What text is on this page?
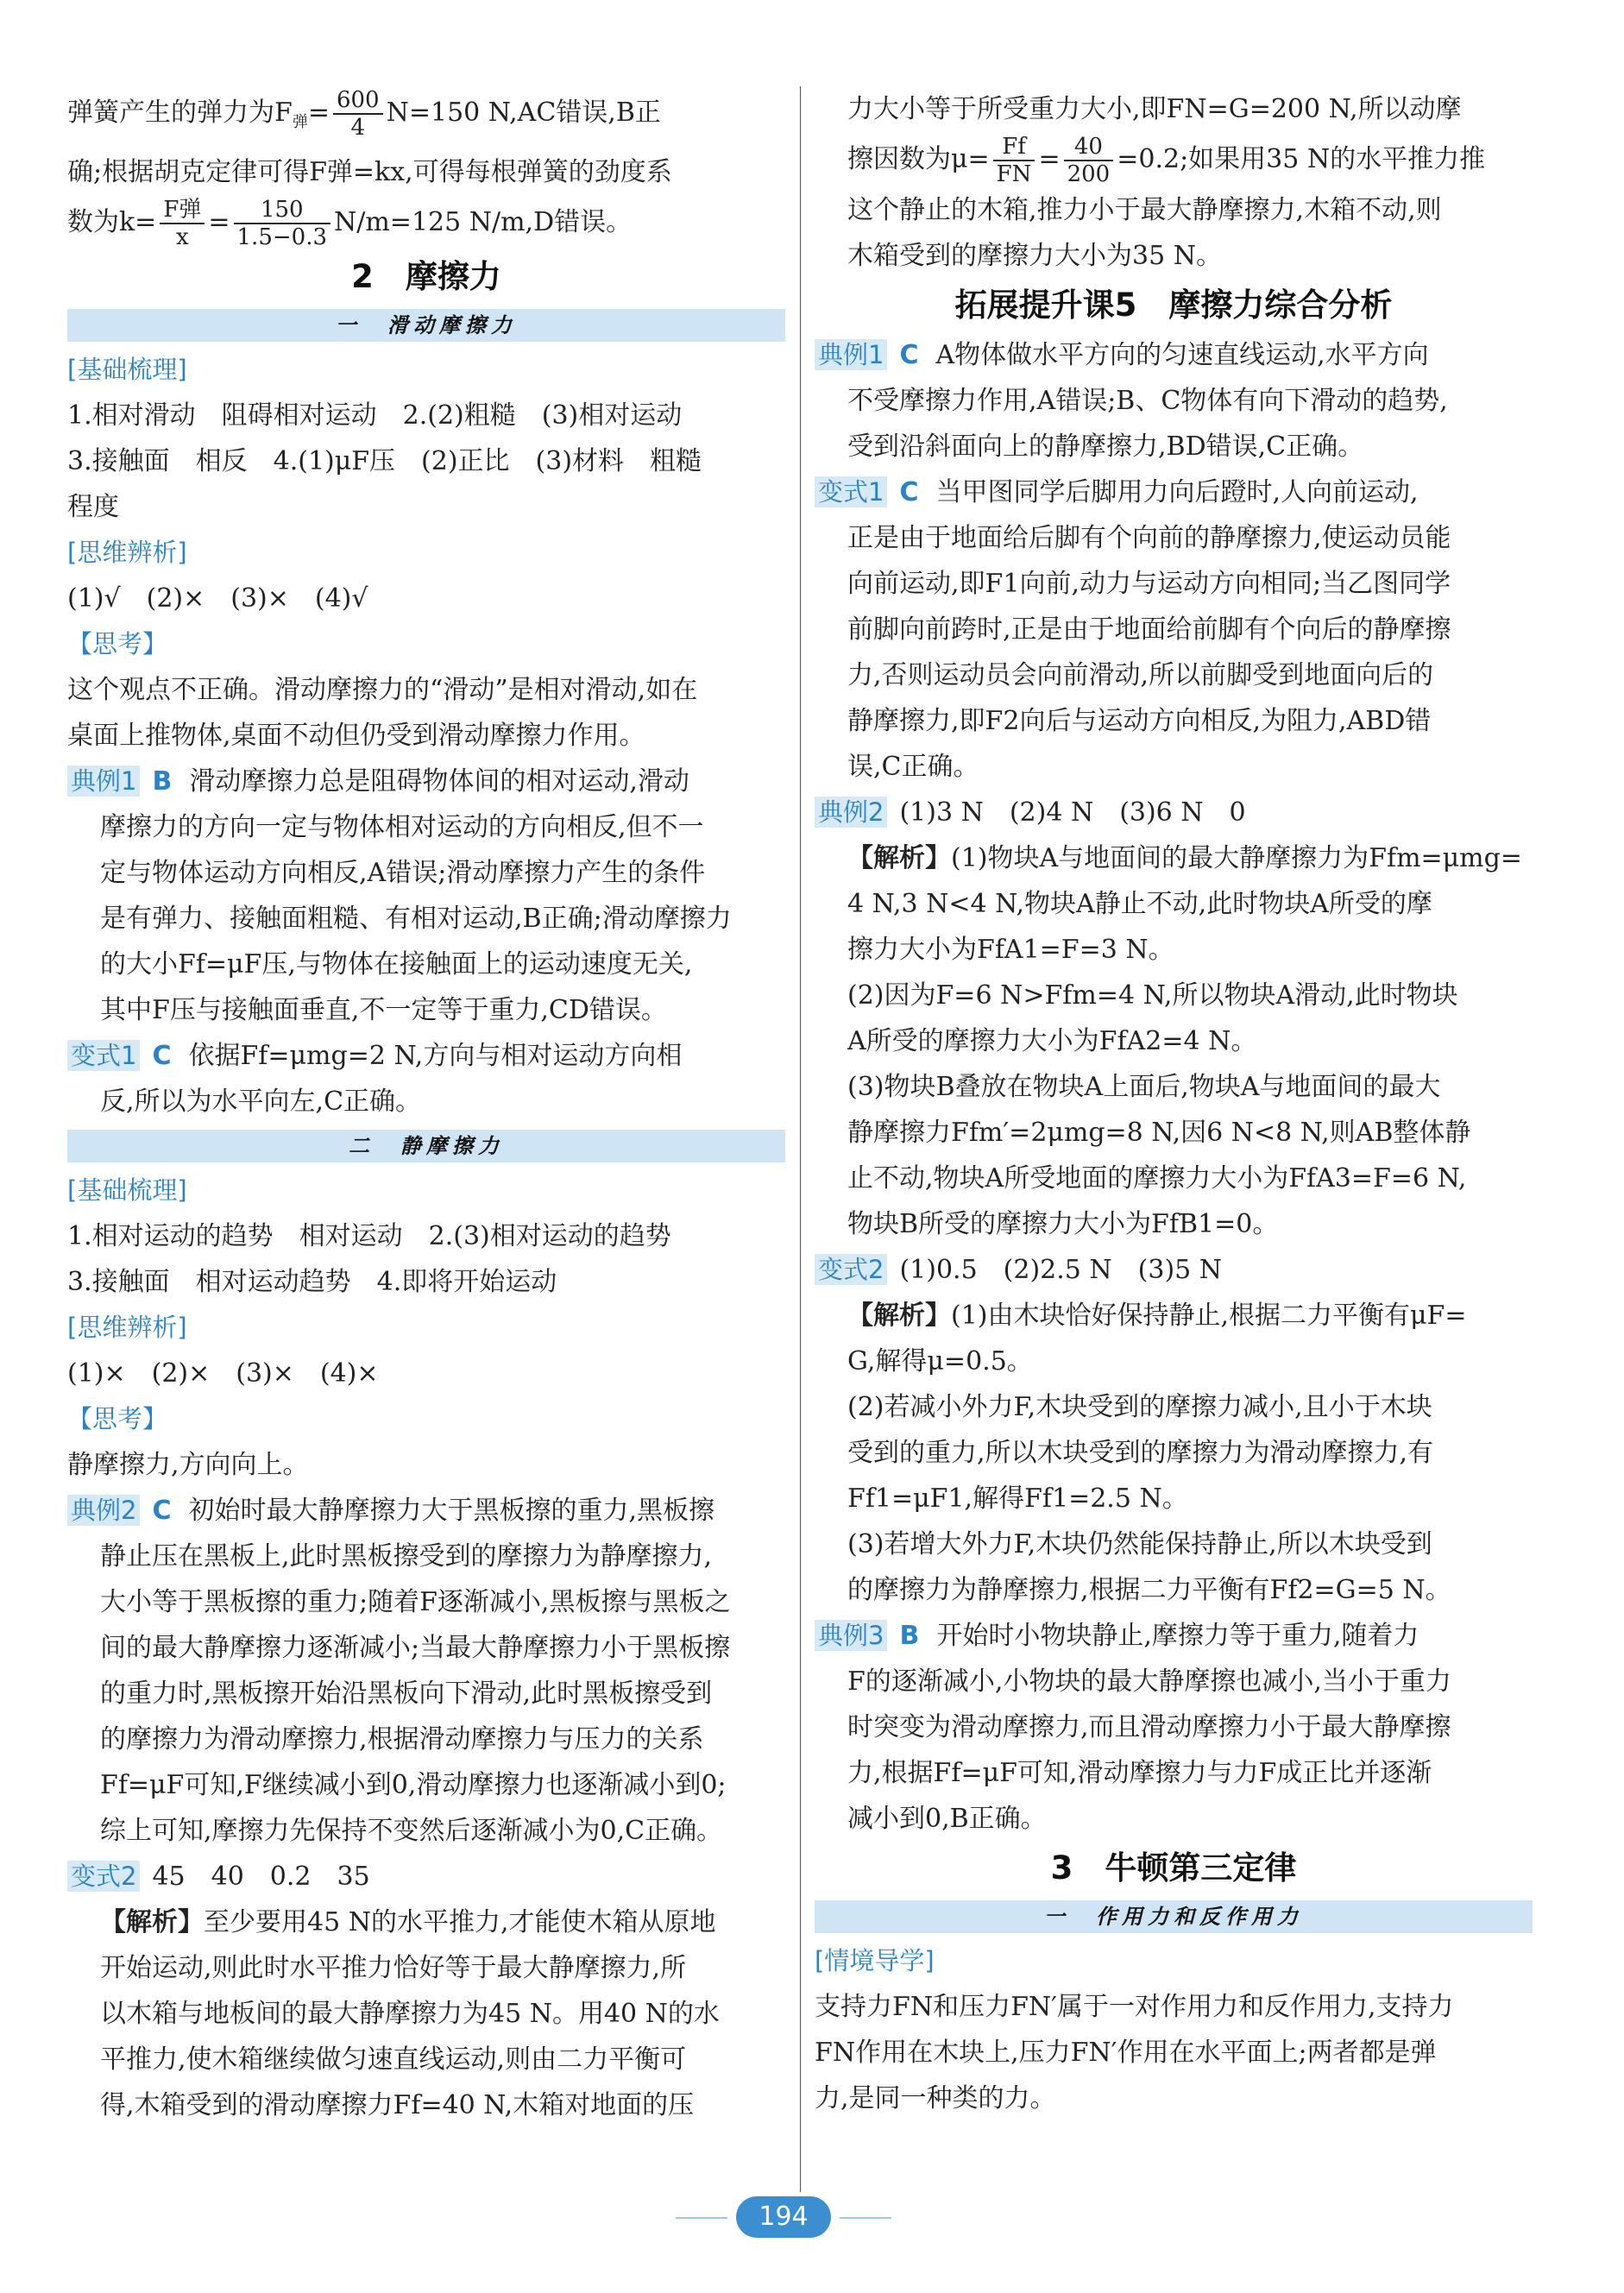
弹簧产生的弹力为$F_弹= \frac{600}{4} N=150$ N,AC错误,B正

确;根据胡克定律可得F弹=kx,可得每根弹簧的劲度系

数为$k= \frac{\text{F弹}}{x} = \frac{150}{1.5-0.3} N/m=125$ N/m,D错误。

2　摩擦力

一　滑动摩擦力

[基础梳理]

1.相对滑动　阻碍相对运动　2.(2)粗糙　(3)相对运动

3.接触面　相反　4.(1)μF压　(2)正比　(3)材料　粗糙

程度

[思维辨析]

(1)√　(2)×　(3)×　(4)√

【思考】

这个观点不正确。滑动摩擦力的“滑动”是相对滑动,如在

桌面上推物体,桌面不动但仍受到滑动摩擦力作用。

典例1 B 滑动摩擦力总是阻碍物体间的相对运动,滑动

摩擦力的方向一定与物体相对运动的方向相反,但不一

定与物体运动方向相反,A错误;滑动摩擦力产生的条件

是有弹力、接触面粗糙、有相对运动,B正确;滑动摩擦力

的大小Ff=μF压,与物体在接触面上的运动速度无关,

其中F压与接触面垂直,不一定等于重力,CD错误。

变式1 C 依据Ff=μmg=2 N,方向与相对运动方向相

反,所以为水平向左,C正确。

二　静摩擦力

[基础梳理]

1.相对运动的趋势　相对运动　2.(3)相对运动的趋势

3.接触面　相对运动趋势　4.即将开始运动

[思维辨析]

(1)×　(2)×　(3)×　(4)×

【思考】

静摩擦力,方向向上。

典例2 C 初始时最大静摩擦力大于黑板擦的重力,黑板擦

静止压在黑板上,此时黑板擦受到的摩擦力为静摩擦力,

大小等于黑板擦的重力;随着F逐渐减小,黑板擦与黑板之

间的最大静摩擦力逐渐减小;当最大静摩擦力小于黑板擦

的重力时,黑板擦开始沿黑板向下滑动,此时黑板擦受到

的摩擦力为滑动摩擦力,根据滑动摩擦力与压力的关系

Ff=μF可知,F继续减小到0,滑动摩擦力也逐渐减小到0;

综上可知,摩擦力先保持不变然后逐渐减小为0,C正确。

变式2 45　40　0.2　35

【解析】至少要用45 N的水平推力,才能使木箱从原地

开始运动,则此时水平推力恰好等于最大静摩擦力,所

以木箱与地板间的最大静摩擦力为45 N。用40 N的水

平推力,使木箱继续做匀速直线运动,则由二力平衡可

得,木箱受到的滑动摩擦力Ff=40 N,木箱对地面的压

力大小等于所受重力大小,即FN=G=200 N,所以动摩

擦因数为$\mu= \frac{Ff}{FN} = \frac{40}{200} =0.2$;如果用35 N的水平推力推

这个静止的木箱,推力小于最大静摩擦力,木箱不动,则

木箱受到的摩擦力大小为35 N。

拓展提升课5　摩擦力综合分析

典例1 C A物体做水平方向的匀速直线运动,水平方向

不受摩擦力作用,A错误;B、C物体有向下滑动的趋势,

受到沿斜面向上的静摩擦力,BD错误,C正确。

变式1 C 当甲图同学后脚用力向后蹬时,人向前运动,

正是由于地面给后脚有个向前的静摩擦力,使运动员能

向前运动,即F1向前,动力与运动方向相同;当乙图同学

前脚向前跨时,正是由于地面给前脚有个向后的静摩擦

力,否则运动员会向前滑动,所以前脚受到地面向后的

静摩擦力,即F2向后与运动方向相反,为阻力,ABD错

误,C正确。

典例2 (1)3 N　(2)4 N　(3)6 N　0

【解析】(1)物块A与地面间的最大静摩擦力为Ffm=μmg=

4 N,3 N<4 N,物块A静止不动,此时物块A所受的摩

擦力大小为FfA1=F=3 N。

(2)因为F=6 N>Ffm=4 N,所以物块A滑动,此时物块

A所受的摩擦力大小为FfA2=4 N。

(3)物块B叠放在物块A上面后,物块A与地面间的最大

静摩擦力Ffm′=2μmg=8 N,因6 N<8 N,则AB整体静

止不动,物块A所受地面的摩擦力大小为FfA3=F=6 N,

物块B所受的摩擦力大小为FfB1=0。

变式2 (1)0.5　(2)2.5 N　(3)5 N

【解析】(1)由木块恰好保持静止,根据二力平衡有μF=

G,解得μ=0.5。

(2)若减小外力F,木块受到的摩擦力减小,且小于木块

受到的重力,所以木块受到的摩擦力为滑动摩擦力,有

Ff1=μF1,解得Ff1=2.5 N。

(3)若增大外力F,木块仍然能保持静止,所以木块受到

的摩擦力为静摩擦力,根据二力平衡有Ff2=G=5 N。

典例3 B 开始时小物块静止,摩擦力等于重力,随着力

F的逐渐减小,小物块的最大静摩擦也减小,当小于重力

时突变为滑动摩擦力,而且滑动摩擦力小于最大静摩擦

力,根据Ff=μF可知,滑动摩擦力与力F成正比并逐渐

减小到0,B正确。

3　牛顿第三定律

一　作用力和反作用力

[情境导学]

支持力FN和压力FN′属于一对作用力和反作用力,支持力

FN作用在木块上,压力FN′作用在水平面上;两者都是弹

力,是同一种类的力。

194
